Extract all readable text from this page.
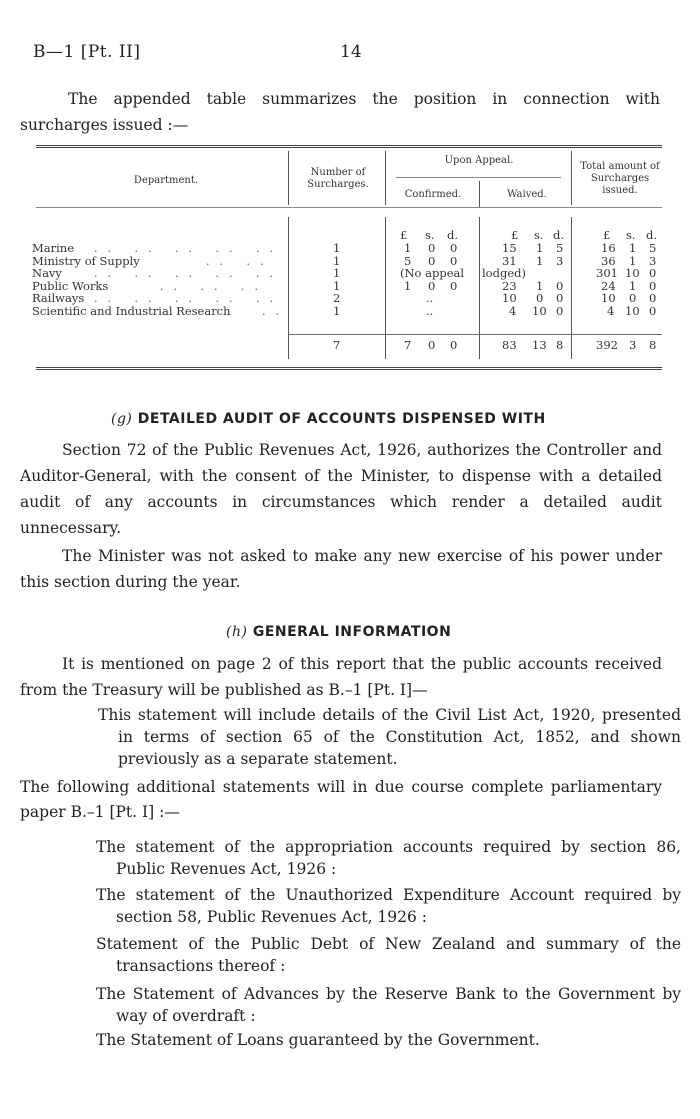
B—1 [Pt. II]	14
The appended table summarizes the position in connection with surcharges issued :—
Department.
Number of Surcharges.
Upon Appeal.
Confirmed.	Waived.
Total amount of Surcharges issued.
£ s. d.	£ s. d.	£ s. d.
Marine .. .. .. .. ..	1	1 0 0	15 1 5	16 1 5
Ministry of Supply	.. ..	1	5 0 0	31 1 3	36 1 3
Navy	.. .. .. .. ..	1	(No appeal lodged)	301 10 0
Public Works	.. .. ..	1	1 0 0	23 1 0	24 1 0
Railways .. .. .. .. ..	2	..	10 0 0	10 0 0
Scientific and Industrial Research	..	1	..	4 10 0	4 10 0
7	7 0 0	83 13 8	392 3 8
(g) DETAILED AUDIT OF ACCOUNTS DISPENSED WITH
Section 72 of the Public Revenues Act, 1926, authorizes the Controller and Auditor-General, with the consent of the Minister, to dispense with a detailed audit of any accounts in circumstances which render a detailed audit unnecessary.
The Minister was not asked to make any new exercise of his power under this section during the year.
(h) GENERAL INFORMATION
It is mentioned on page 2 of this report that the public accounts received from the Treasury will be published as B.–1 [Pt. I]—
This statement will include details of the Civil List Act, 1920, presented in terms of section 65 of the Constitution Act, 1852, and shown previously as a separate statement.
The following additional statements will in due course complete parliamentary paper B.–1 [Pt. I] :—
The statement of the appropriation accounts required by section 86, Public Revenues Act, 1926 :
The statement of the Unauthorized Expenditure Account required by section 58, Public Revenues Act, 1926 :
Statement of the Public Debt of New Zealand and summary of the transactions thereof :
The Statement of Advances by the Reserve Bank to the Government by way of overdraft :
The Statement of Loans guaranteed by the Government.
